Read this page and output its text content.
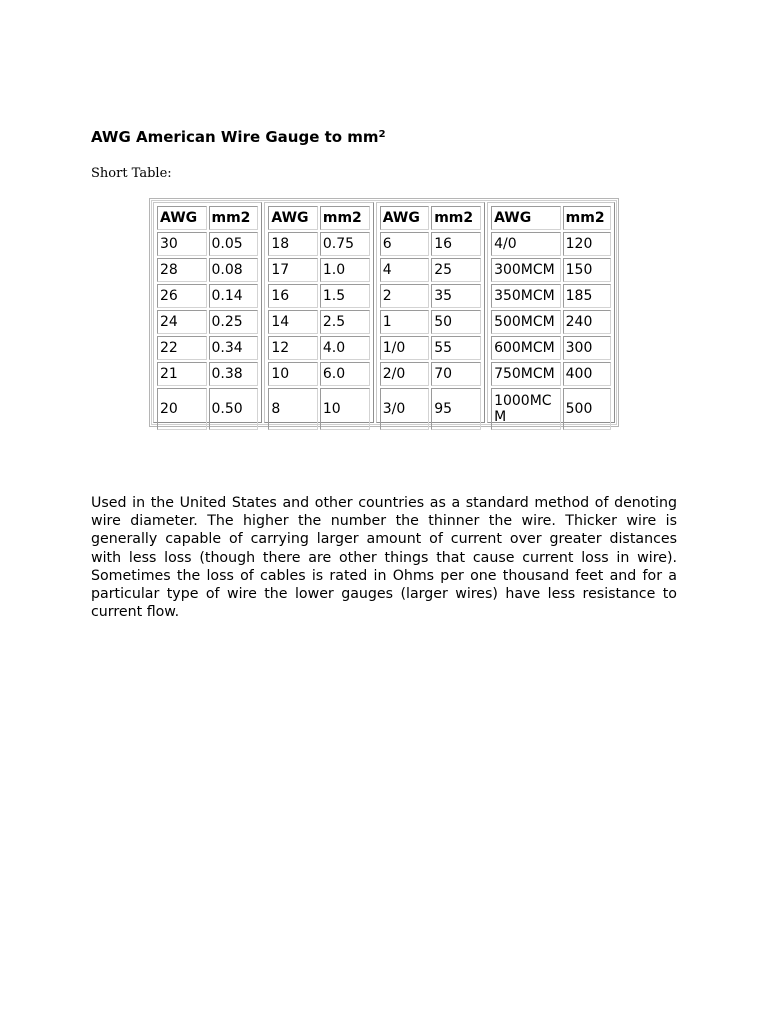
AWG American Wire Gauge to $mm^2$
Short Table:
AWG	mm2
30	0.05
28	0.08
26	0.14
24	0.25
22	0.34
21	0.38
20	0.50
AWG	mm2
18	0.75
17	1.0
16	1.5
14	2.5
12	4.0
10	6.0
8	10
AWG	mm2
6	16
4	25
2	35
1	50
1/0	55
2/0	70
3/0	95
AWG	mm2
4/0	120
300MCM	150
350MCM	185
500MCM	240
600MCM	300
750MCM	400
1000MCM	500
Used in the United States and other countries as a standard method of denoting wire diameter. The higher the number the thinner the wire. Thicker wire is generally capable of carrying larger amount of current over greater distances with less loss (though there are other things that cause current loss in wire). Sometimes the loss of cables is rated in Ohms per one thousand feet and for a particular type of wire the lower gauges (larger wires) have less resistance to current flow.
